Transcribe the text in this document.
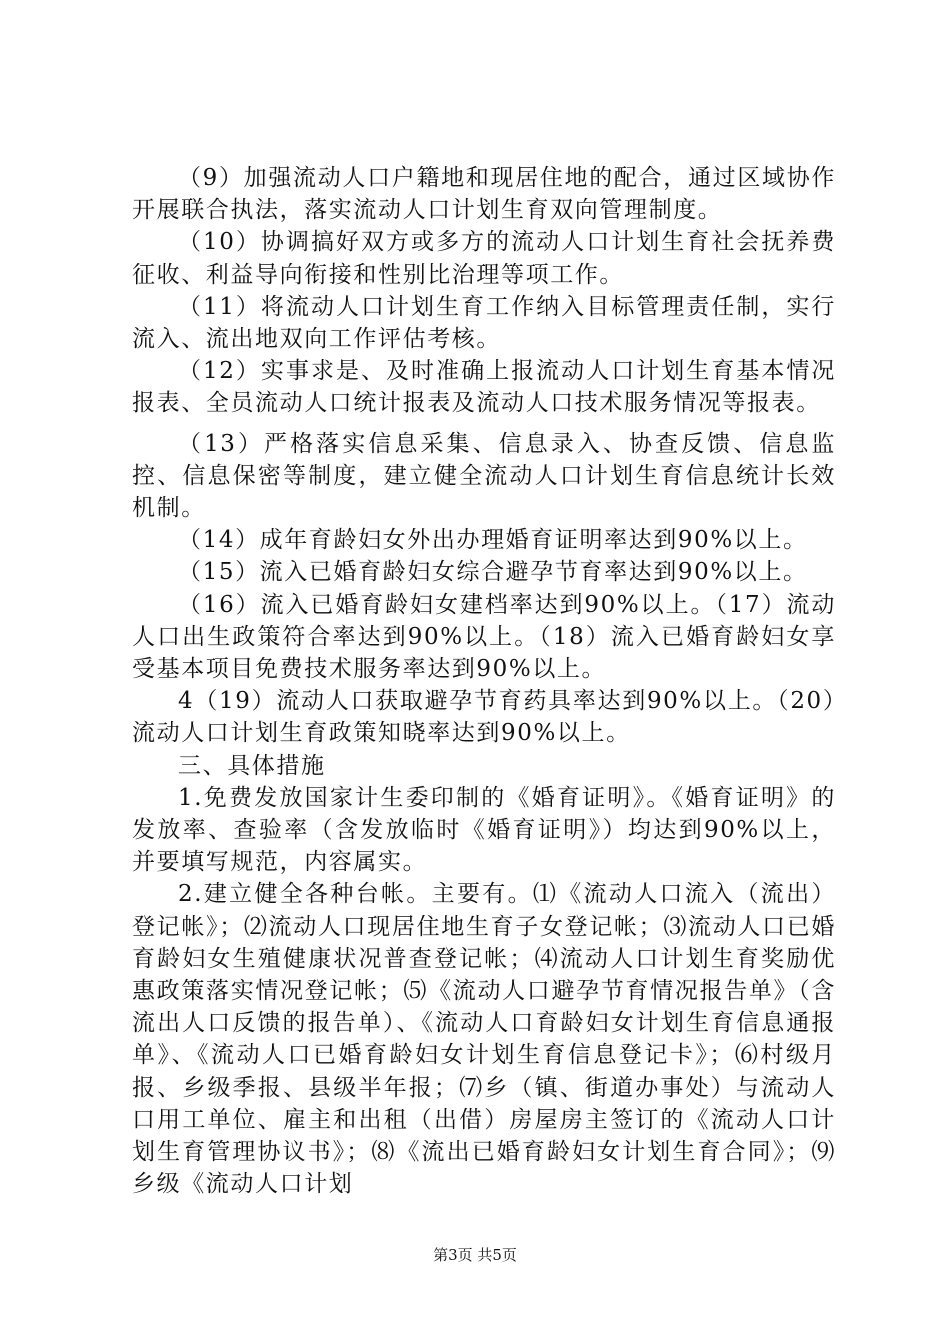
（9）加强流动人口户籍地和现居住地的配合，通过区域协作开展联合执法，落实流动人口计划生育双向管理制度。

（10）协调搞好双方或多方的流动人口计划生育社会抚养费征收、利益导向衔接和性别比治理等项工作。

（11）将流动人口计划生育工作纳入目标管理责任制，实行流入、流出地双向工作评估考核。

（12）实事求是、及时准确上报流动人口计划生育基本情况报表、全员流动人口统计报表及流动人口技术服务情况等报表。

（13）严格落实信息采集、信息录入、协查反馈、信息监控、信息保密等制度，建立健全流动人口计划生育信息统计长效机制。

（14）成年育龄妇女外出办理婚育证明率达到90%以上。

（15）流入已婚育龄妇女综合避孕节育率达到90%以上。

（16）流入已婚育龄妇女建档率达到90%以上。（17）流动人口出生政策符合率达到90%以上。（18）流入已婚育龄妇女享受基本项目免费技术服务率达到90%以上。

4（19）流动人口获取避孕节育药具率达到90%以上。（20）流动人口计划生育政策知晓率达到90%以上。

三、具体措施

1.免费发放国家计生委印制的《婚育证明》。《婚育证明》的发放率、查验率（含发放临时《婚育证明》）均达到90%以上，并要填写规范，内容属实。

2.建立健全各种台帐。主要有。⑴《流动人口流入（流出）登记帐》；⑵流动人口现居住地生育子女登记帐；⑶流动人口已婚育龄妇女生殖健康状况普查登记帐；⑷流动人口计划生育奖励优惠政策落实情况登记帐；⑸《流动人口避孕节育情况报告单》（含流出人口反馈的报告单）、《流动人口育龄妇女计划生育信息通报单》、《流动人口已婚育龄妇女计划生育信息登记卡》；⑹村级月报、乡级季报、县级半年报；⑺乡（镇、街道办事处）与流动人口用工单位、雇主和出租（出借）房屋房主签订的《流动人口计划生育管理协议书》；⑻《流出已婚育龄妇女计划生育合同》；⑼乡级《流动人口计划

第3页 共5页
